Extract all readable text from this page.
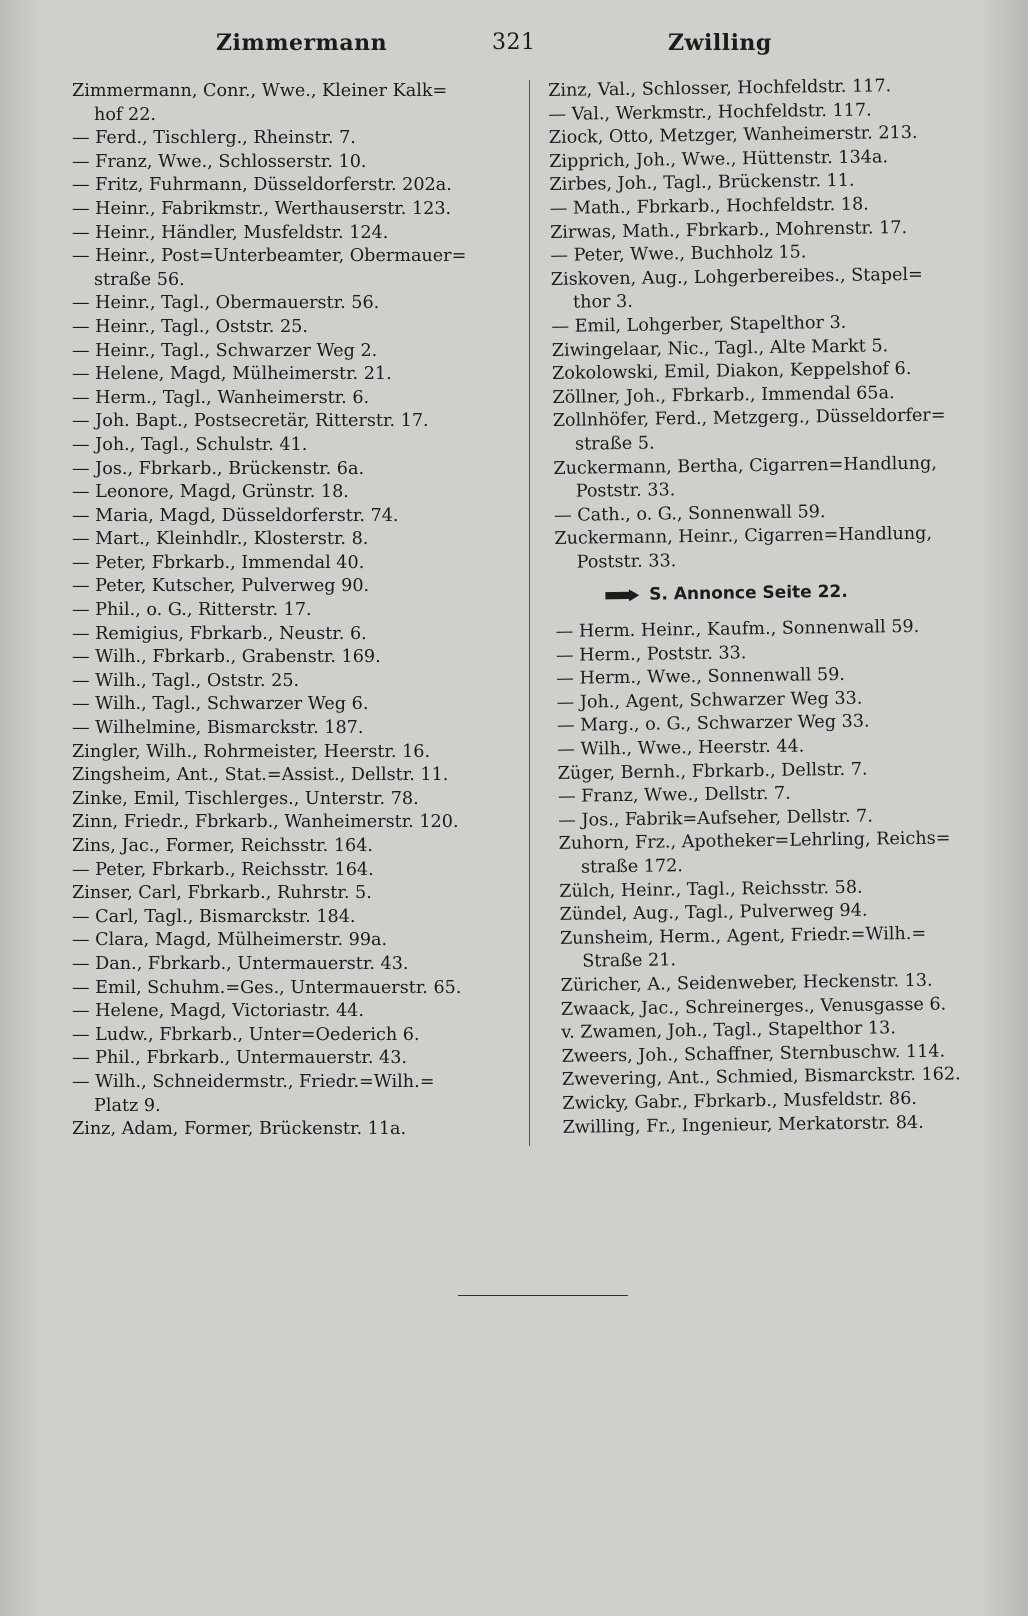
Zimmermann	321	Zwilling
Zimmermann, Conr., Wwe., Kleiner Kalk=
hof 22.
— Ferd., Tischlerg., Rheinstr. 7.
— Franz, Wwe., Schlosserstr. 10.
— Fritz, Fuhrmann, Düsseldorferstr. 202a.
— Heinr., Fabrikmstr., Werthauserstr. 123.
— Heinr., Händler, Musfeldstr. 124.
— Heinr., Post=Unterbeamter, Obermauer=
straße 56.
— Heinr., Tagl., Obermauerstr. 56.
— Heinr., Tagl., Oststr. 25.
— Heinr., Tagl., Schwarzer Weg 2.
— Helene, Magd, Mülheimerstr. 21.
— Herm., Tagl., Wanheimerstr. 6.
— Joh. Bapt., Postsecretär, Ritterstr. 17.
— Joh., Tagl., Schulstr. 41.
— Jos., Fbrkarb., Brückenstr. 6a.
— Leonore, Magd, Grünstr. 18.
— Maria, Magd, Düsseldorferstr. 74.
— Mart., Kleinhdlr., Klosterstr. 8.
— Peter, Fbrkarb., Immendal 40.
— Peter, Kutscher, Pulverweg 90.
— Phil., o. G., Ritterstr. 17.
— Remigius, Fbrkarb., Neustr. 6.
— Wilh., Fbrkarb., Grabenstr. 169.
— Wilh., Tagl., Oststr. 25.
— Wilh., Tagl., Schwarzer Weg 6.
— Wilhelmine, Bismarckstr. 187.
Zingler, Wilh., Rohrmeister, Heerstr. 16.
Zingsheim, Ant., Stat.=Assist., Dellstr. 11.
Zinke, Emil, Tischlerges., Unterstr. 78.
Zinn, Friedr., Fbrkarb., Wanheimerstr. 120.
Zins, Jac., Former, Reichsstr. 164.
— Peter, Fbrkarb., Reichsstr. 164.
Zinser, Carl, Fbrkarb., Ruhrstr. 5.
— Carl, Tagl., Bismarckstr. 184.
— Clara, Magd, Mülheimerstr. 99a.
— Dan., Fbrkarb., Untermauerstr. 43.
— Emil, Schuhm.=Ges., Untermauerstr. 65.
— Helene, Magd, Victoriastr. 44.
— Ludw., Fbrkarb., Unter=Oederich 6.
— Phil., Fbrkarb., Untermauerstr. 43.
— Wilh., Schneidermstr., Friedr.=Wilh.=
Platz 9.
Zinz, Adam, Former, Brückenstr. 11a.
Zinz, Val., Schlosser, Hochfeldstr. 117.
— Val., Werkmstr., Hochfeldstr. 117.
Ziock, Otto, Metzger, Wanheimerstr. 213.
Zipprich, Joh., Wwe., Hüttenstr. 134a.
Zirbes, Joh., Tagl., Brückenstr. 11.
— Math., Fbrkarb., Hochfeldstr. 18.
Zirwas, Math., Fbrkarb., Mohrenstr. 17.
— Peter, Wwe., Buchholz 15.
Ziskoven, Aug., Lohgerbereibes., Stapel=
thor 3.
— Emil, Lohgerber, Stapelthor 3.
Ziwingelaar, Nic., Tagl., Alte Markt 5.
Zokolowski, Emil, Diakon, Keppelshof 6.
Zöllner, Joh., Fbrkarb., Immendal 65a.
Zollnhöfer, Ferd., Metzgerg., Düsseldorfer=
straße 5.
Zuckermann, Bertha, Cigarren=Handlung,
Poststr. 33.
— Cath., o. G., Sonnenwall 59.
Zuckermann, Heinr., Cigarren=Handlung,
Poststr. 33.
S. Annonce Seite 22.
— Herm. Heinr., Kaufm., Sonnenwall 59.
— Herm., Poststr. 33.
— Herm., Wwe., Sonnenwall 59.
— Joh., Agent, Schwarzer Weg 33.
— Marg., o. G., Schwarzer Weg 33.
— Wilh., Wwe., Heerstr. 44.
Züger, Bernh., Fbrkarb., Dellstr. 7.
— Franz, Wwe., Dellstr. 7.
— Jos., Fabrik=Aufseher, Dellstr. 7.
Zuhorn, Frz., Apotheker=Lehrling, Reichs=
straße 172.
Zülch, Heinr., Tagl., Reichsstr. 58.
Zündel, Aug., Tagl., Pulverweg 94.
Zunsheim, Herm., Agent, Friedr.=Wilh.=
Straße 21.
Züricher, A., Seidenweber, Heckenstr. 13.
Zwaack, Jac., Schreinerges., Venusgasse 6.
v. Zwamen, Joh., Tagl., Stapelthor 13.
Zweers, Joh., Schaffner, Sternbuschw. 114.
Zwevering, Ant., Schmied, Bismarckstr. 162.
Zwicky, Gabr., Fbrkarb., Musfeldstr. 86.
Zwilling, Fr., Ingenieur, Merkatorstr. 84.
